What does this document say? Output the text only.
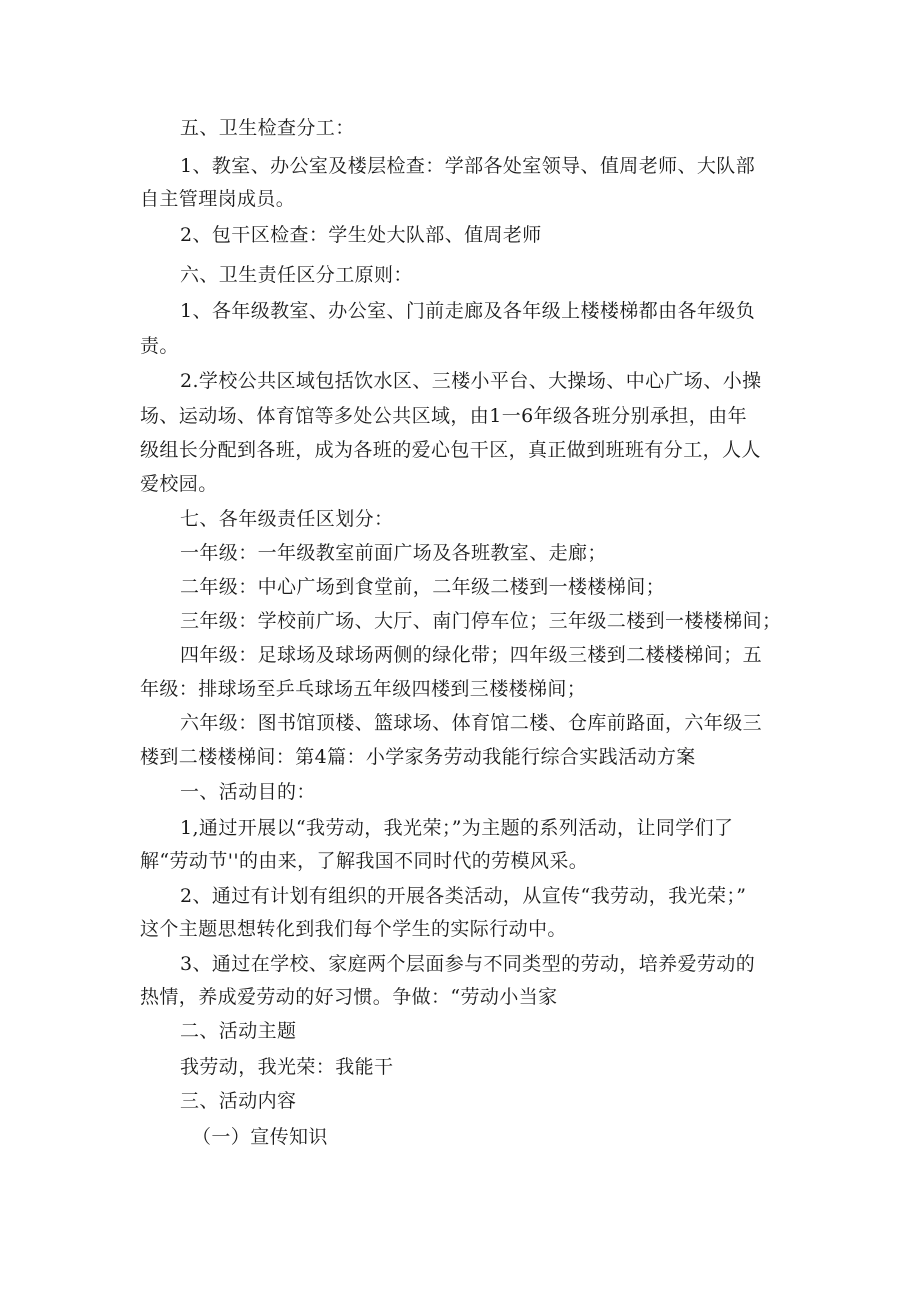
五、卫生检查分工：
1、教室、办公室及楼层检查：学部各处室领导、值周老师、大队部
自主管理岗成员。
2、包干区检查：学生处大队部、值周老师
六、卫生责任区分工原则：
1、各年级教室、办公室、门前走廊及各年级上楼楼梯都由各年级负
责。
2.学校公共区域包括饮水区、三楼小平台、大操场、中心广场、小操
场、运动场、体育馆等多处公共区域，由1一6年级各班分别承担，由年
级组长分配到各班，成为各班的爱心包干区，真正做到班班有分工，人人
爱校园。
七、各年级责任区划分：
一年级：一年级教室前面广场及各班教室、走廊；
二年级：中心广场到食堂前，二年级二楼到一楼楼梯间；
三年级：学校前广场、大厅、南门停车位；三年级二楼到一楼楼梯间；
四年级：足球场及球场两侧的绿化带；四年级三楼到二楼楼梯间；五
年级：排球场至乒乓球场五年级四楼到三楼楼梯间；
六年级：图书馆顶楼、篮球场、体育馆二楼、仓库前路面，六年级三
楼到二楼楼梯间：第4篇：小学家务劳动我能行综合实践活动方案
一、活动目的：
1,通过开展以“我劳动，我光荣；”为主题的系列活动，让同学们了
解“劳动节''的由来，了解我国不同时代的劳模风采。
2、通过有计划有组织的开展各类活动，从宣传“我劳动，我光荣；”
这个主题思想转化到我们每个学生的实际行动中。
3、通过在学校、家庭两个层面参与不同类型的劳动，培养爱劳动的
热情，养成爱劳动的好习惯。争做：“劳动小当家
二、活动主题
我劳动，我光荣：我能干
三、活动内容
（一）宣传知识
